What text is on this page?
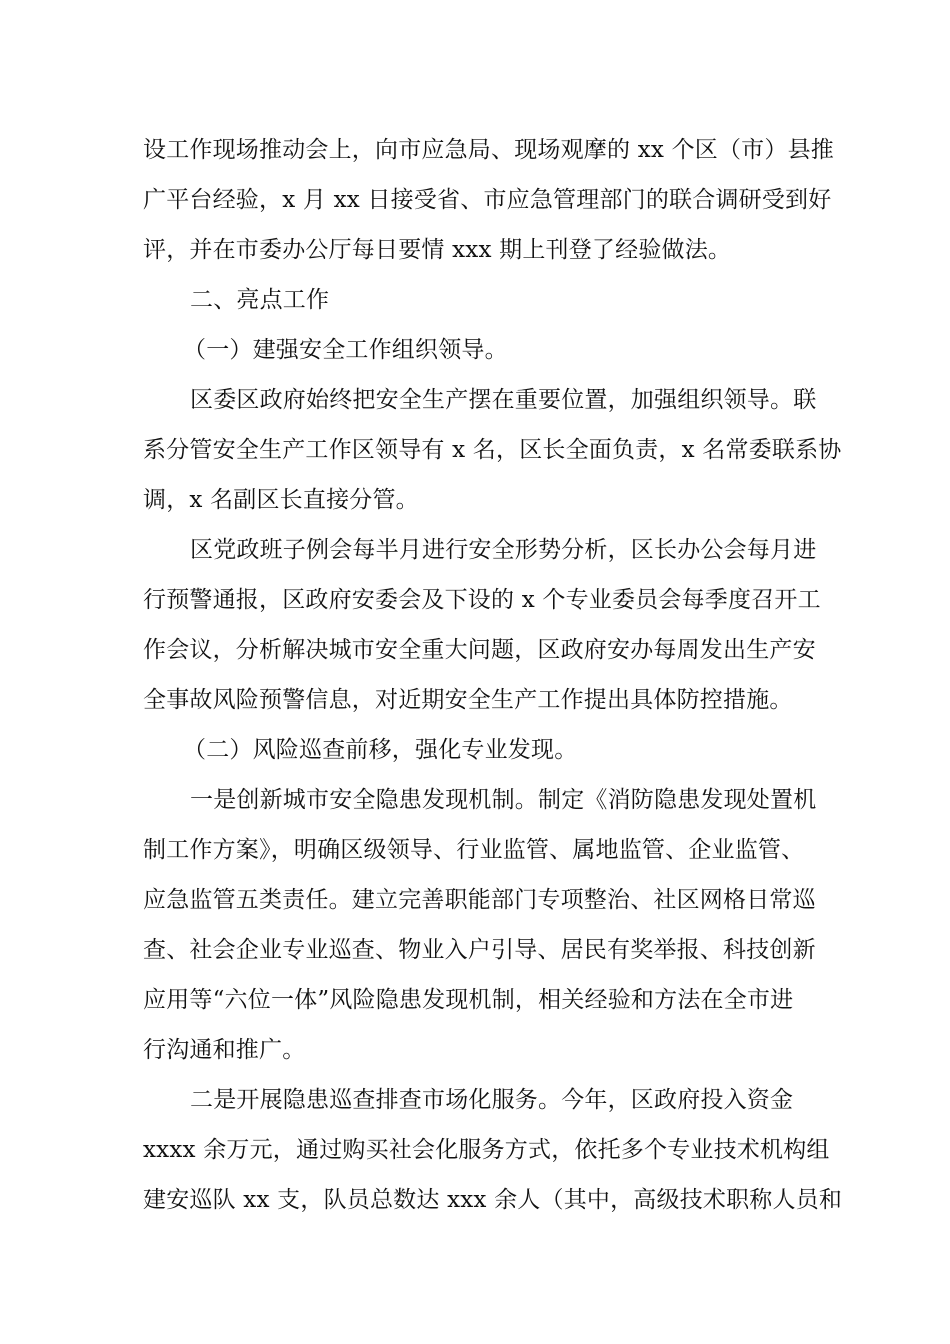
设工作现场推动会上，向市应急局、现场观摩的 xx 个区（市）县推
广平台经验，x 月 xx 日接受省、市应急管理部门的联合调研受到好
评，并在市委办公厅每日要情 xxx 期上刊登了经验做法。
二、亮点工作
（一）建强安全工作组织领导。
区委区政府始终把安全生产摆在重要位置，加强组织领导。联
系分管安全生产工作区领导有 x 名，区长全面负责，x 名常委联系协
调，x 名副区长直接分管。
区党政班子例会每半月进行安全形势分析，区长办公会每月进
行预警通报，区政府安委会及下设的 x 个专业委员会每季度召开工
作会议，分析解决城市安全重大问题，区政府安办每周发出生产安
全事故风险预警信息，对近期安全生产工作提出具体防控措施。
（二）风险巡查前移，强化专业发现。
一是创新城市安全隐患发现机制。制定《消防隐患发现处置机
制工作方案》，明确区级领导、行业监管、属地监管、企业监管、
应急监管五类责任。建立完善职能部门专项整治、社区网格日常巡
查、社会企业专业巡查、物业入户引导、居民有奖举报、科技创新
应用等“六位一体”风险隐患发现机制，相关经验和方法在全市进
行沟通和推广。
二是开展隐患巡查排查市场化服务。今年，区政府投入资金
xxxx 余万元，通过购买社会化服务方式，依托多个专业技术机构组
建安巡队 xx 支，队员总数达 xxx 余人（其中，高级技术职称人员和
